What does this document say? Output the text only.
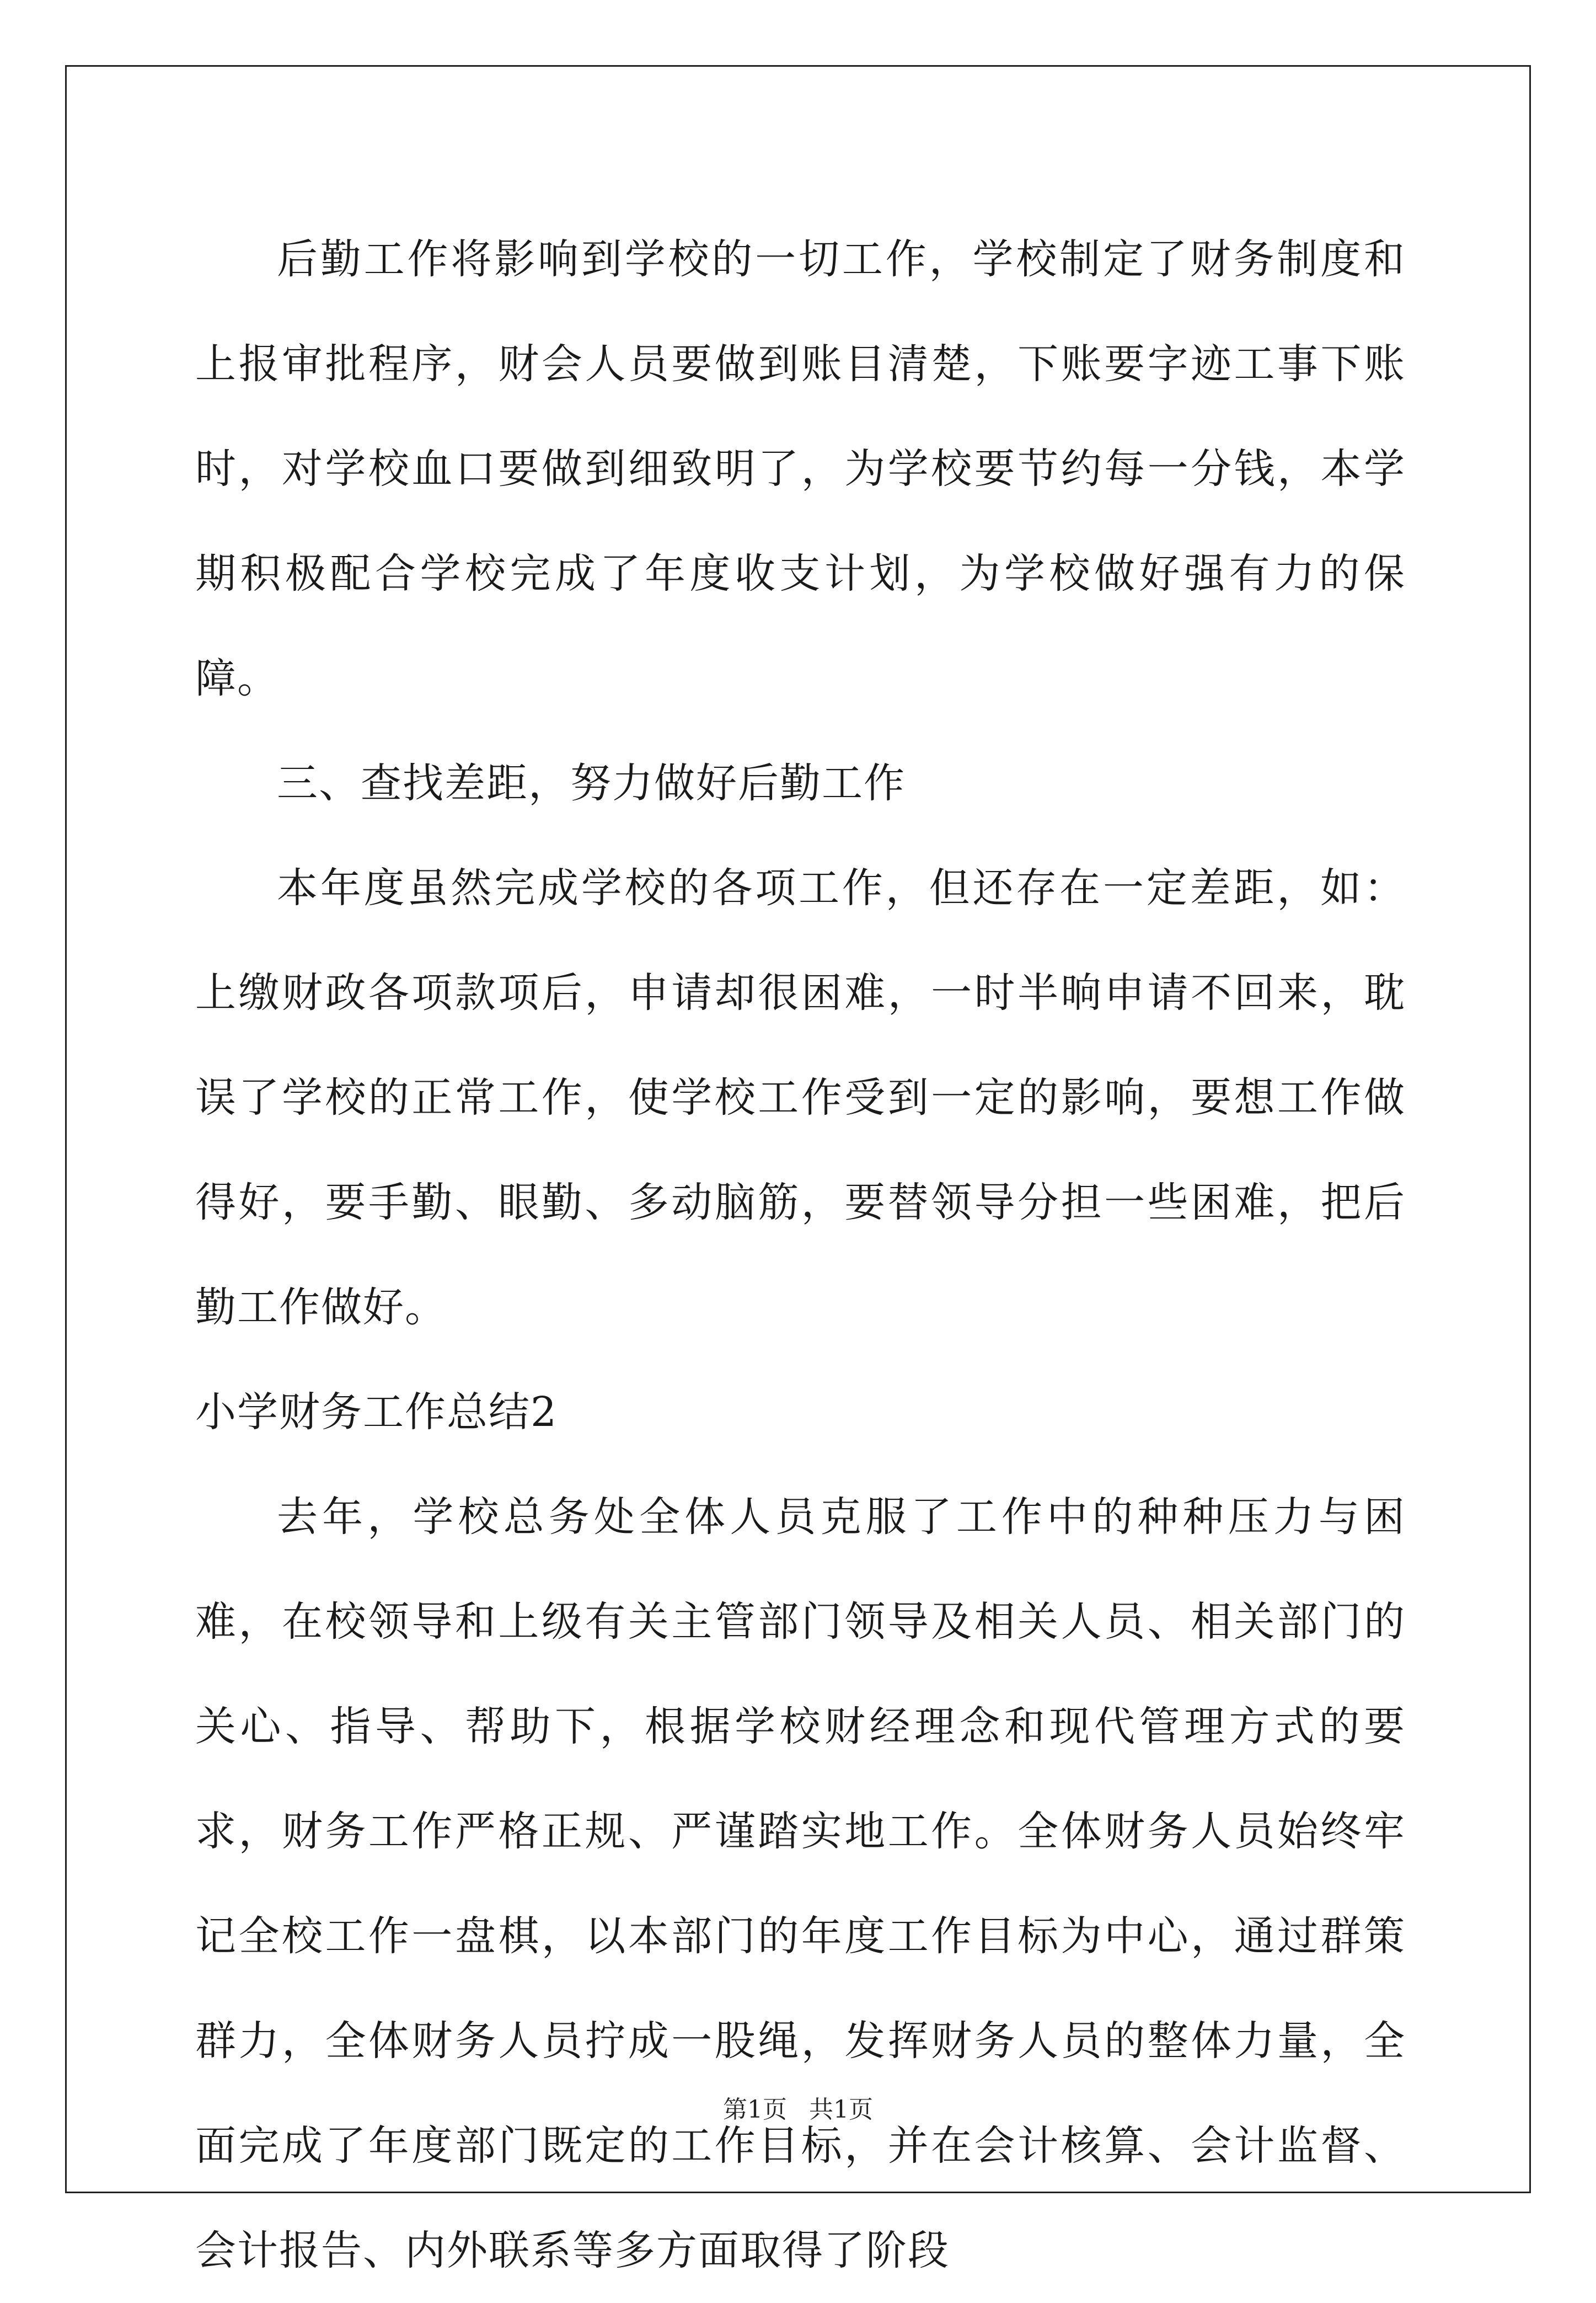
后勤工作将影响到学校的一切工作，学校制定了财务制度和上报审批程序，财会人员要做到账目清楚，下账要字迹工事下账时，对学校血口要做到细致明了，为学校要节约每一分钱，本学期积极配合学校完成了年度收支计划，为学校做好强有力的保障。

三、查找差距，努力做好后勤工作

本年度虽然完成学校的各项工作，但还存在一定差距，如：上缴财政各项款项后，申请却很困难，一时半晌申请不回来，耽误了学校的正常工作，使学校工作受到一定的影响，要想工作做得好，要手勤、眼勤、多动脑筋，要替领导分担一些困难，把后勤工作做好。

小学财务工作总结2

去年，学校总务处全体人员克服了工作中的种种压力与困难，在校领导和上级有关主管部门领导及相关人员、相关部门的关心、指导、帮助下，根据学校财经理念和现代管理方式的要求，财务工作严格正规、严谨踏实地工作。全体财务人员始终牢记全校工作一盘棋，以本部门的年度工作目标为中心，通过群策群力，全体财务人员拧成一股绳，发挥财务人员的整体力量，全面完成了年度部门既定的工作目标，并在会计核算、会计监督、会计报告、内外联系等多方面取得了阶段

第1页 共1页
